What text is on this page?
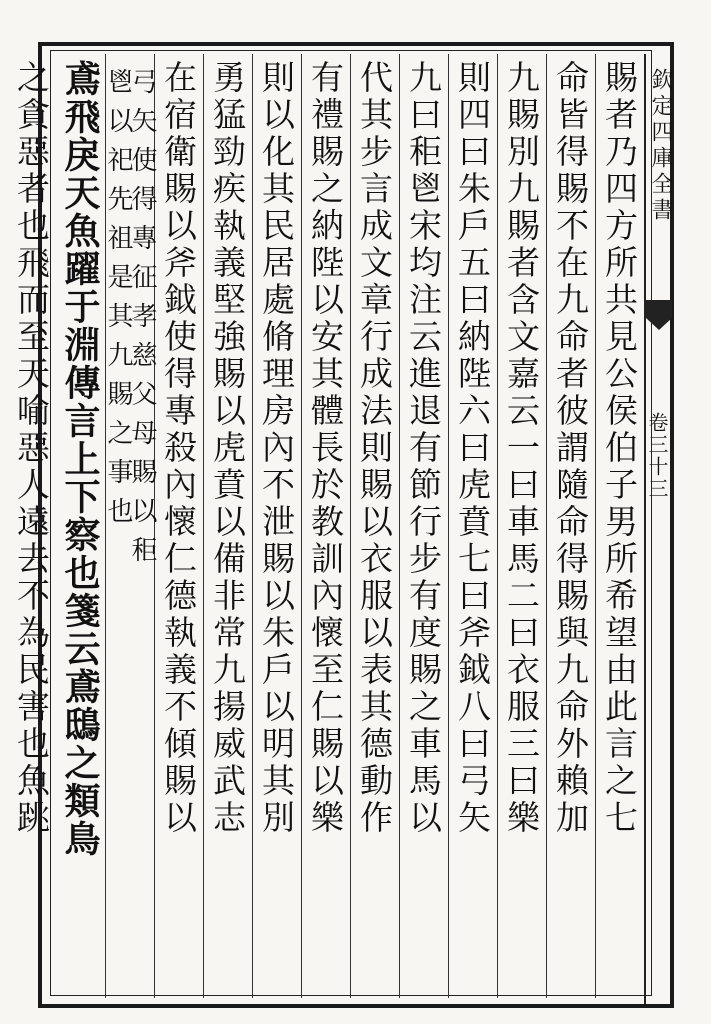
欽定四庫全書
卷三十三
賜者乃四方所共見公侯伯子男所希望由此言之七
命皆得賜不在九命者彼謂隨命得賜與九命外賴加
九賜別九賜者含文嘉云一曰車馬二曰衣服三曰樂
則四曰朱戶五曰納陛六曰虎賁七曰斧鉞八曰弓矢
九曰秬鬯宋均注云進退有節行步有度賜之車馬以
代其步言成文章行成法則賜以衣服以表其德動作
有禮賜之納陛以安其體長於教訓內懷至仁賜以樂
則以化其民居處脩理房內不泄賜以朱戶以明其別
勇猛勁疾執義堅強賜以虎賁以備非常九揚威武志
在宿衛賜以斧鉞使得專殺內懷仁德執義不傾賜以
弓矢使得專征孝慈父母賜以秬
鬯以祀先祖是其九賜之事也
鳶飛戾天魚躍于淵傳言上下察也箋云鳶鴟之類鳥
之貪惡者也飛而至天喻惡人遠去不為民害也魚跳
